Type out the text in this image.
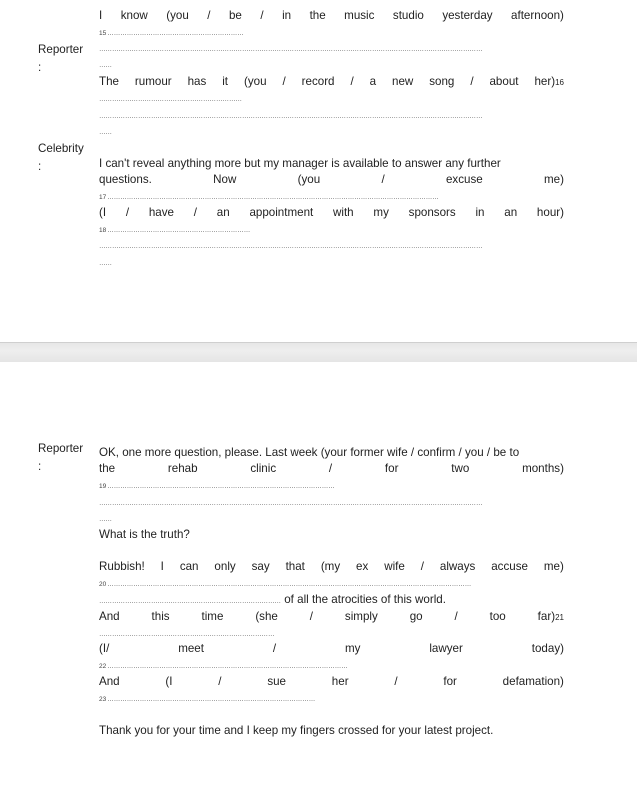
I know (you / be / in the music studio yesterday afternoon)
15………………………………………………………
Reporter
:
……………………………………………………………………………………………………………………………………………………………
……
The rumour has it (you / record / a new song / about her)16
…………………………………………………………
……………………………………………………………………………………………………………………………………………………………
……
Celebrity
:	I can't reveal anything more but my manager is available to answer any further
questions.	Now	(you	/	excuse	me)
17………………………………………………………………………………………………………………………………………
(I / have / an appointment with my sponsors in an hour)
18…………………………………………………………
……………………………………………………………………………………………………………………………………………………………
……
Reporter
:
OK, one more question, please. Last week (your former wife / confirm / you / be to
the	rehab	clinic	/	for	two	months)
19……………………………………………………………………………………………
……………………………………………………………………………………………………………………………………………………………
……
What is the truth?
Rubbish! I can only say that (my ex wife / always accuse me)
20……………………………………………………………………………………………………………………………………………………
………………………………………………………………………… of all the atrocities of this world.
And	this	time	(she	/	simply	go	/	too	far)21
………………………………………………………………………
(I/	meet	/	my	lawyer	today)
22…………………………………………………………………………………………………
And	(I	/	sue	her	/	for	defamation)
23……………………………………………………………………………………
Thank you for your time and I keep my fingers crossed for your latest project.
